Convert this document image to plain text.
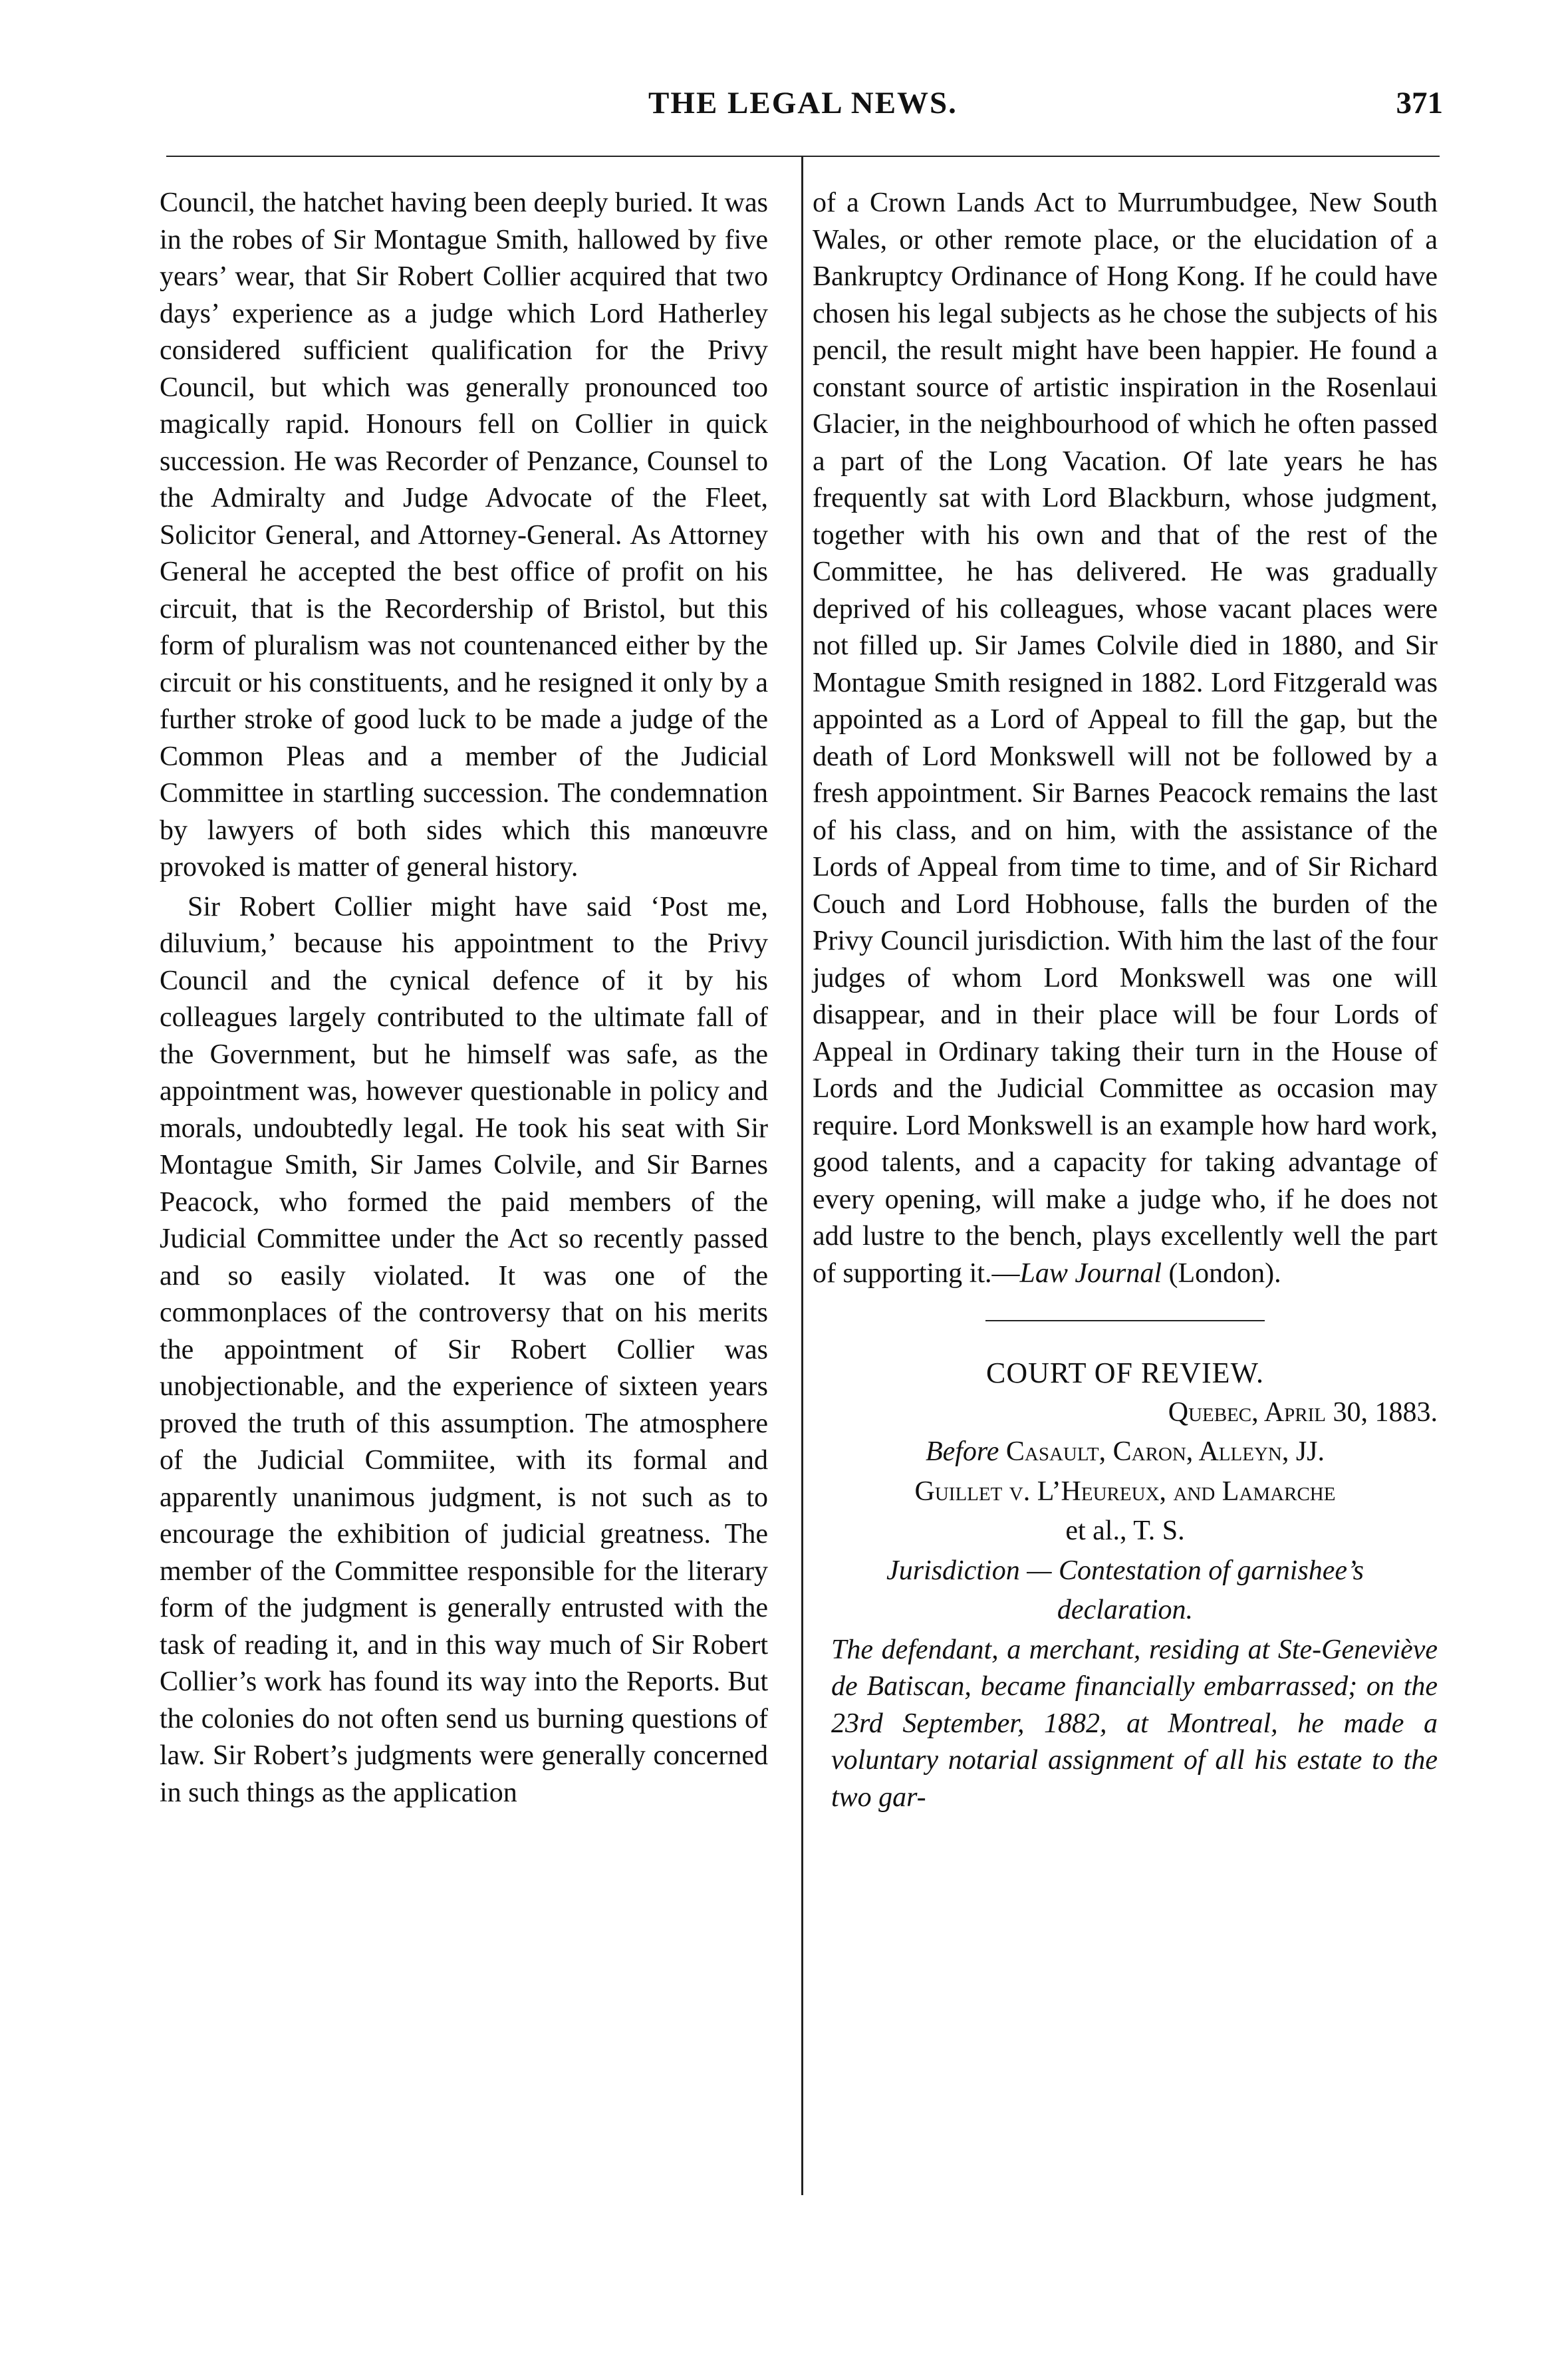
THE LEGAL NEWS.	371

Council, the hatchet having been deeply buried. It was in the robes of Sir Montague Smith, hallowed by five years’ wear, that Sir Robert Collier acquired that two days’ experience as a judge which Lord Hatherley considered sufficient qualification for the Privy Council, but which was generally pronounced too magically rapid. Honours fell on Collier in quick succession. He was Recorder of Penzance, Counsel to the Admiralty and Judge Advocate of the Fleet, Solicitor General, and Attorney-General. As Attorney General he accepted the best office of profit on his circuit, that is the Recordership of Bristol, but this form of pluralism was not countenanced either by the circuit or his constituents, and he resigned it only by a further stroke of good luck to be made a judge of the Common Pleas and a member of the Judicial Committee in startling succession. The condemnation by lawyers of both sides which this manœuvre provoked is matter of general history.

Sir Robert Collier might have said ‘Post me, diluvium,’ because his appointment to the Privy Council and the cynical defence of it by his colleagues largely contributed to the ultimate fall of the Government, but he himself was safe, as the appointment was, however questionable in policy and morals, undoubtedly legal. He took his seat with Sir Montague Smith, Sir James Colvile, and Sir Barnes Peacock, who formed the paid members of the Judicial Committee under the Act so recently passed and so easily violated. It was one of the commonplaces of the controversy that on his merits the appointment of Sir Robert Collier was unobjectionable, and the experience of sixteen years proved the truth of this assumption. The atmosphere of the Judicial Commiitee, with its formal and apparently unanimous judgment, is not such as to encourage the exhibition of judicial greatness. The member of the Committee responsible for the literary form of the judgment is generally entrusted with the task of reading it, and in this way much of Sir Robert Collier’s work has found its way into the Reports. But the colonies do not often send us burning questions of law. Sir Robert’s judgments were generally concerned in such things as the application

of a Crown Lands Act to Murrumbudgee, New South Wales, or other remote place, or the elucidation of a Bankruptcy Ordinance of Hong Kong. If he could have chosen his legal subjects as he chose the subjects of his pencil, the result might have been happier. He found a constant source of artistic inspiration in the Rosenlaui Glacier, in the neighbourhood of which he often passed a part of the Long Vacation. Of late years he has frequently sat with Lord Blackburn, whose judgment, together with his own and that of the rest of the Committee, he has delivered. He was gradually deprived of his colleagues, whose vacant places were not filled up. Sir James Colvile died in 1880, and Sir Montague Smith resigned in 1882. Lord Fitzgerald was appointed as a Lord of Appeal to fill the gap, but the death of Lord Monkswell will not be followed by a fresh appointment. Sir Barnes Peacock remains the last of his class, and on him, with the assistance of the Lords of Appeal from time to time, and of Sir Richard Couch and Lord Hobhouse, falls the burden of the Privy Council jurisdiction. With him the last of the four judges of whom Lord Monkswell was one will disappear, and in their place will be four Lords of Appeal in Ordinary taking their turn in the House of Lords and the Judicial Committee as occasion may require. Lord Monkswell is an example how hard work, good talents, and a capacity for taking advantage of every opening, will make a judge who, if he does not add lustre to the bench, plays excellently well the part of supporting it.—Law Journal (London).

COURT OF REVIEW.

Quebec, April 30, 1883.

Before Casault, Caron, Alleyn, JJ.

Guillet v. L’Heureux, and Lamarche

et al., T. S.

Jurisdiction — Contestation of garnishee’s

declaration.

The defendant, a merchant, residing at Ste-Geneviève de Batiscan, became financially embarrassed; on the 23rd September, 1882, at Montreal, he made a voluntary notarial assignment of all his estate to the two gar-
